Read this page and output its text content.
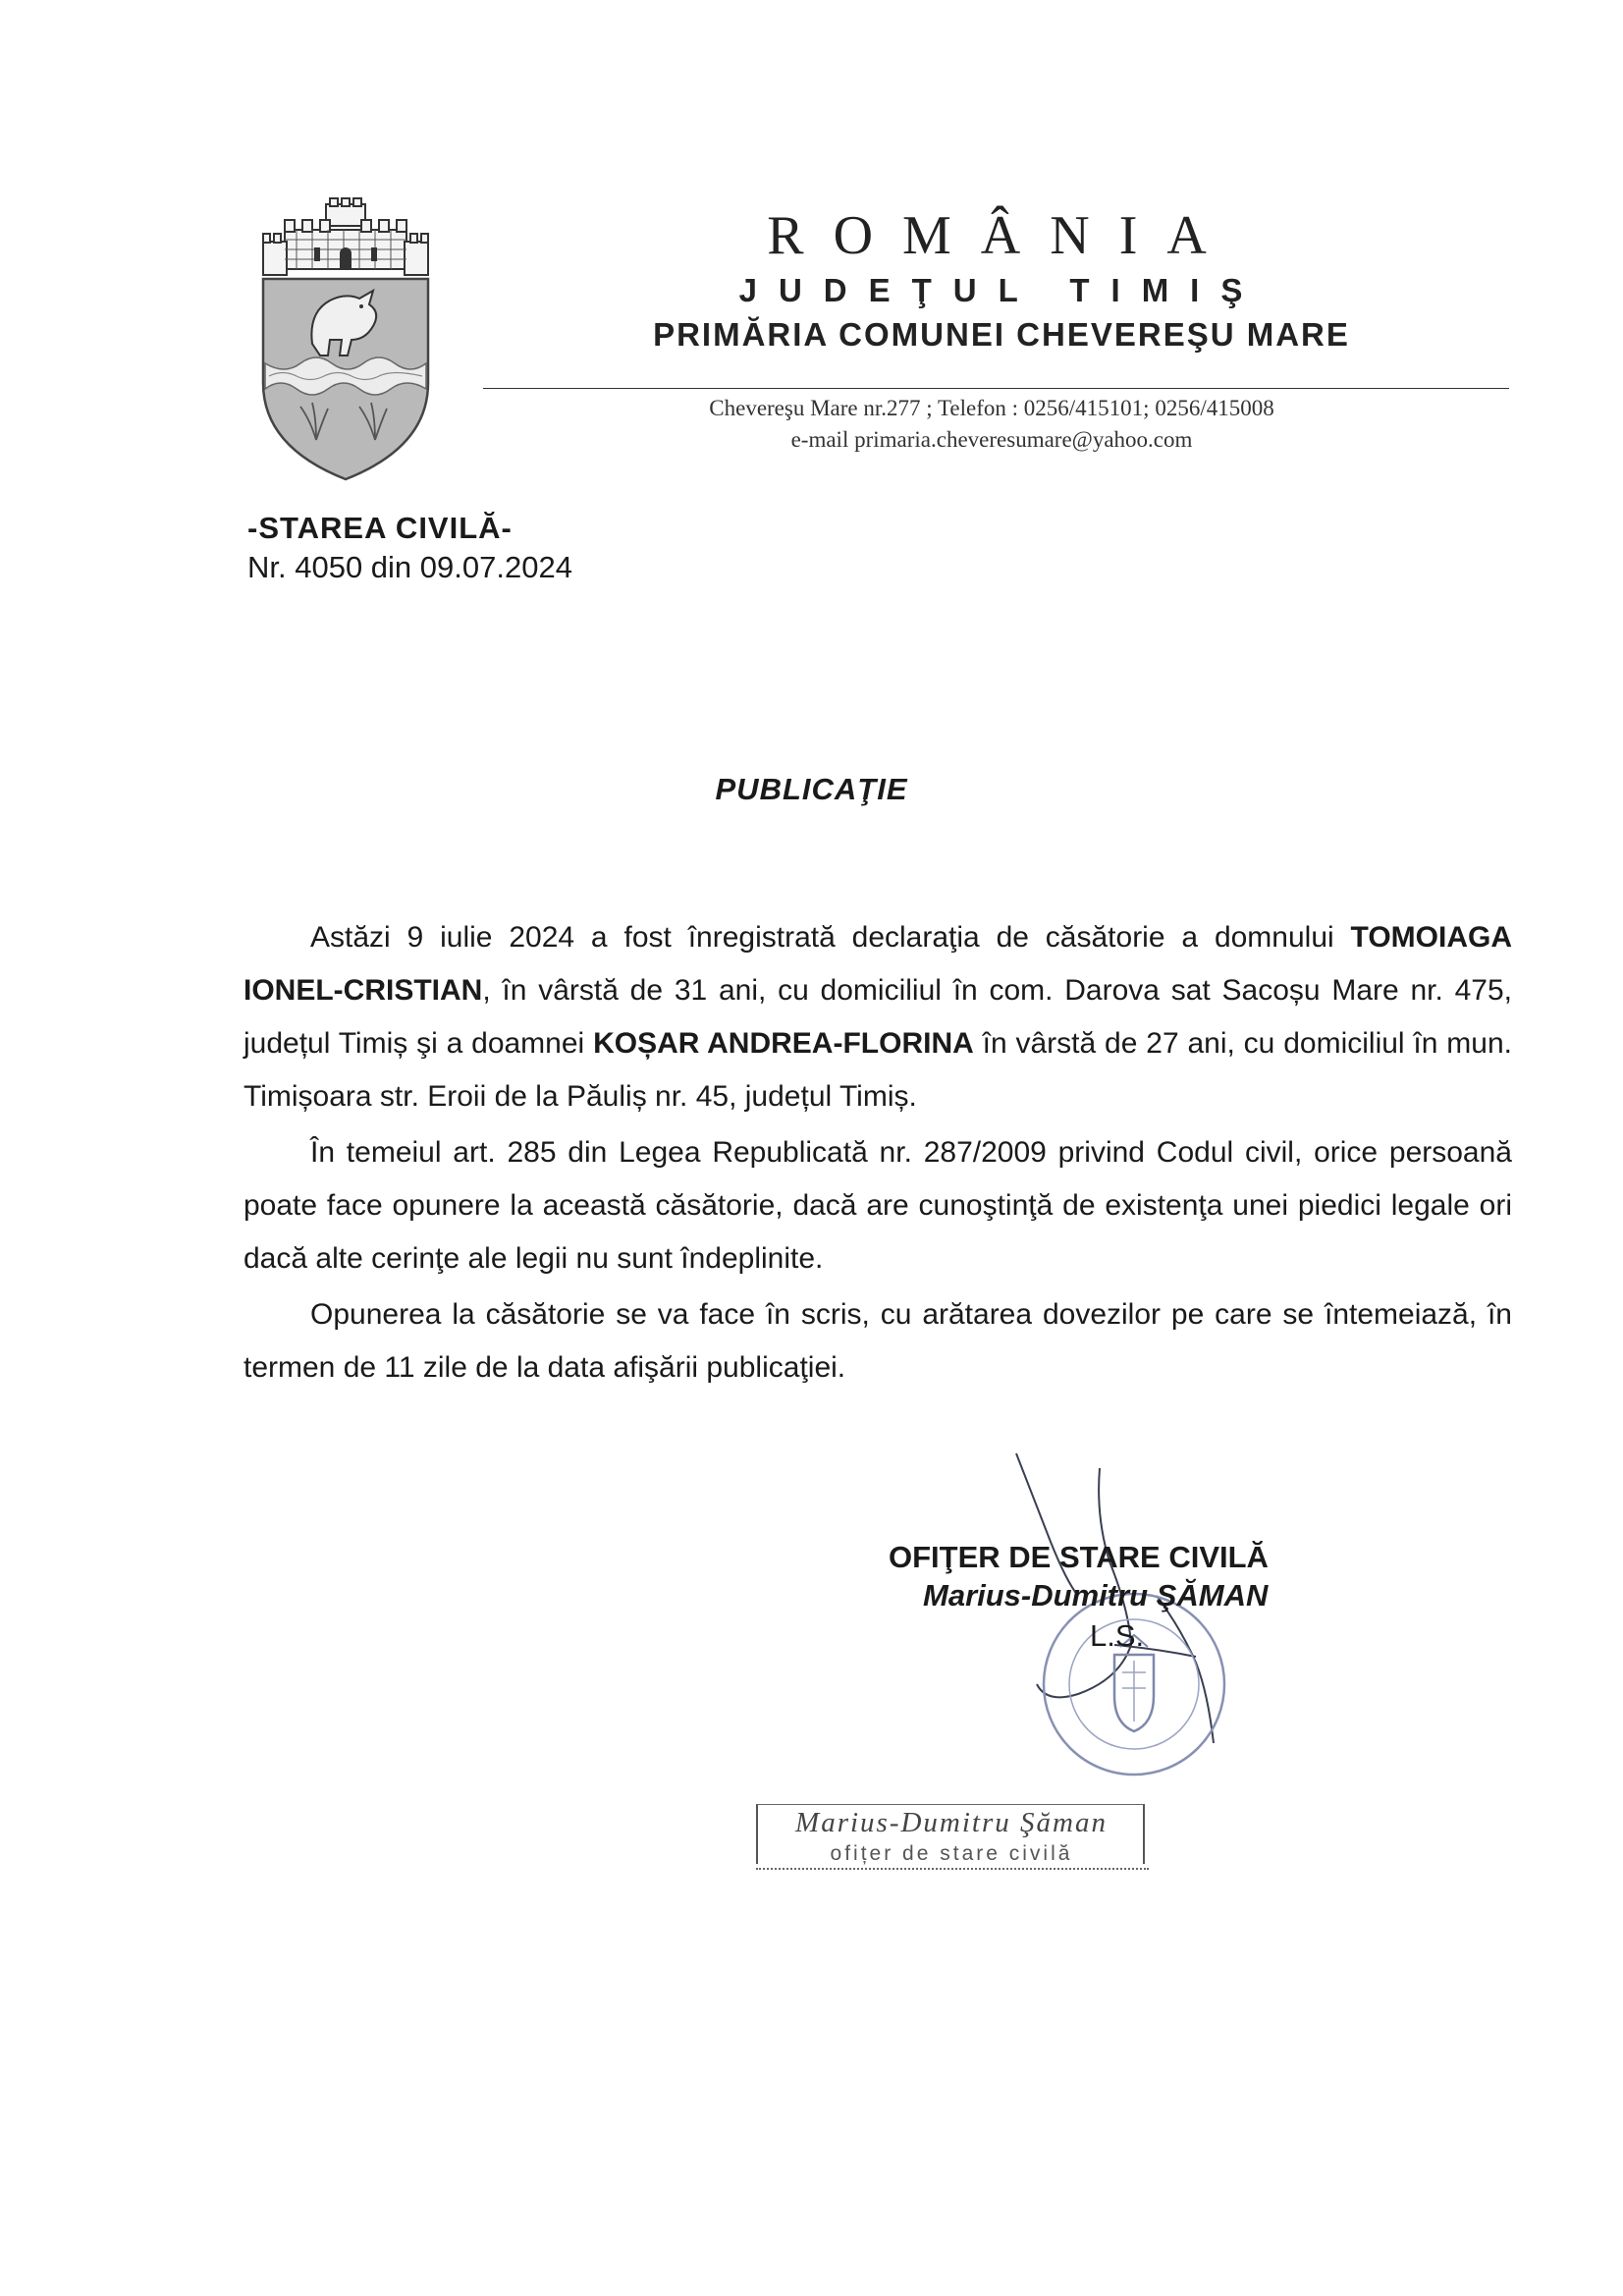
ROMÂNIA
JUDEŢUL TIMIŞ
PRIMĂRIA COMUNEI CHEVEREŞU MARE
Chevereşu Mare nr.277 ; Telefon : 0256/415101; 0256/415008
e-mail primaria.cheveresumare@yahoo.com
-STAREA CIVILĂ-
Nr. 4050 din 09.07.2024
PUBLICAŢIE

Astăzi 9 iulie 2024 a fost înregistrată declaraţia de căsătorie a domnului TOMOIAGA IONEL-CRISTIAN, în vârstă de 31 ani, cu domiciliul în com. Darova sat Sacoșu Mare nr. 475, județul Timiș şi a doamnei KOȘAR ANDREA-FLORINA în vârstă de 27 ani, cu domiciliul în mun. Timișoara str. Eroii de la Păuliș nr. 45, județul Timiș.

În temeiul art. 285 din Legea Republicată nr. 287/2009 privind Codul civil, orice persoană poate face opunere la această căsătorie, dacă are cunoştinţă de existenţa unei piedici legale ori dacă alte cerinţe ale legii nu sunt îndeplinite.

Opunerea la căsătorie se va face în scris, cu arătarea dovezilor pe care se întemeiază, în termen de 11 zile de la data afişării publicaţiei.

OFIŢER DE STARE CIVILĂ
Marius-Dumitru ŞĂMAN
L.S.
Marius-Dumitru Şăman
ofițer de stare civilă
